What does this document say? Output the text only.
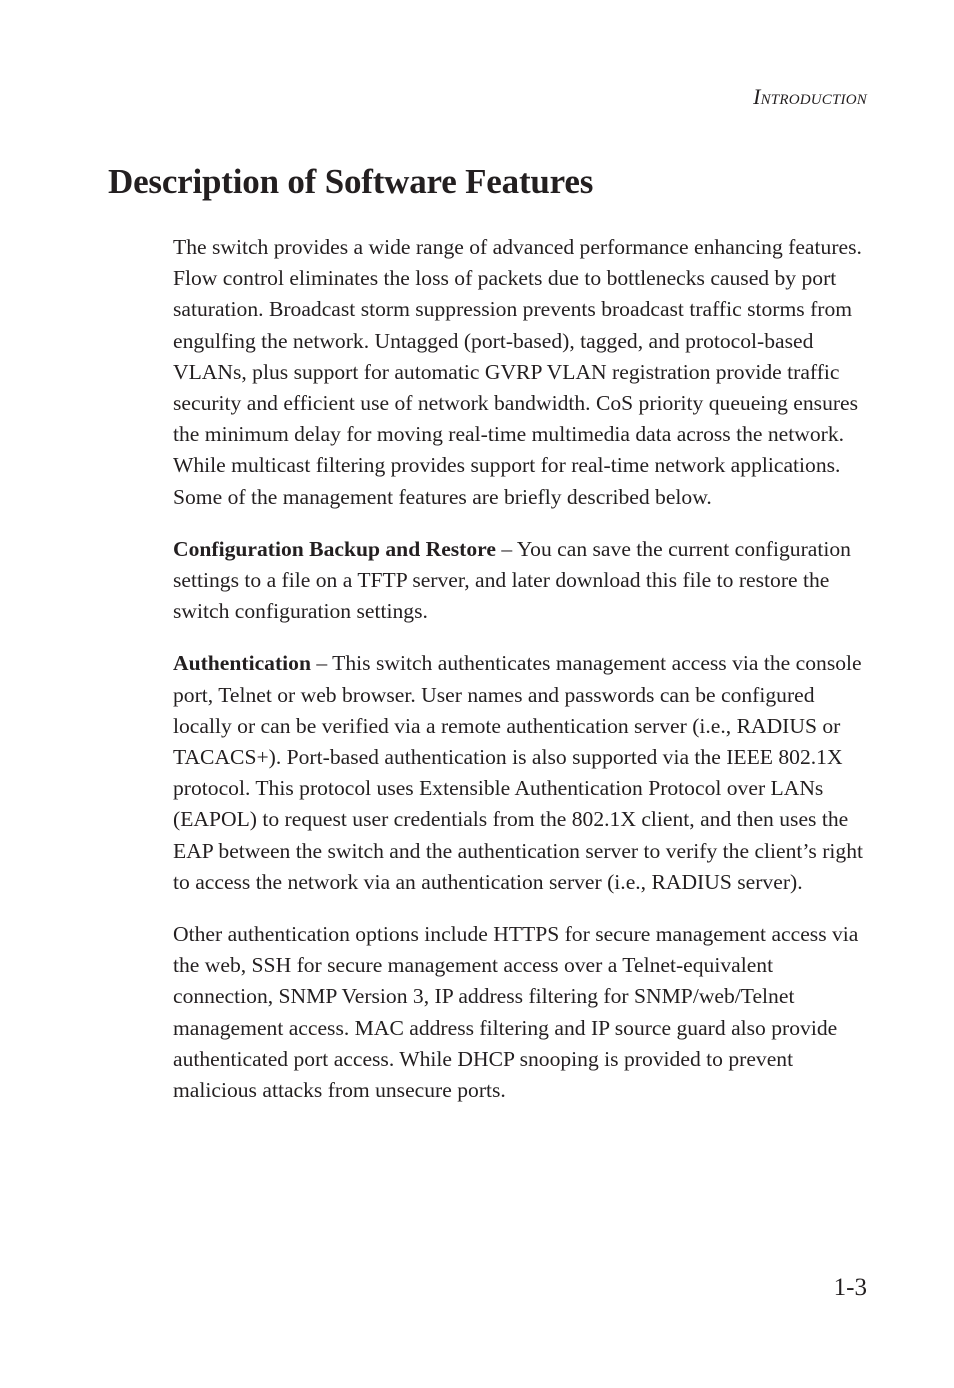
Introduction

Description of Software Features

The switch provides a wide range of advanced performance enhancing features. Flow control eliminates the loss of packets due to bottlenecks caused by port saturation. Broadcast storm suppression prevents broadcast traffic storms from engulfing the network. Untagged (port-based), tagged, and protocol-based VLANs, plus support for automatic GVRP VLAN registration provide traffic security and efficient use of network bandwidth. CoS priority queueing ensures the minimum delay for moving real-time multimedia data across the network. While multicast filtering provides support for real-time network applications. Some of the management features are briefly described below.

Configuration Backup and Restore – You can save the current configuration settings to a file on a TFTP server, and later download this file to restore the switch configuration settings.

Authentication – This switch authenticates management access via the console port, Telnet or web browser. User names and passwords can be configured locally or can be verified via a remote authentication server (i.e., RADIUS or TACACS+). Port-based authentication is also supported via the IEEE 802.1X protocol. This protocol uses Extensible Authentication Protocol over LANs (EAPOL) to request user credentials from the 802.1X client, and then uses the EAP between the switch and the authentication server to verify the client’s right to access the network via an authentication server (i.e., RADIUS server).

Other authentication options include HTTPS for secure management access via the web, SSH for secure management access over a Telnet-equivalent connection, SNMP Version 3, IP address filtering for SNMP/web/Telnet management access. MAC address filtering and IP source guard also provide authenticated port access. While DHCP snooping is provided to prevent malicious attacks from unsecure ports.

1-3
